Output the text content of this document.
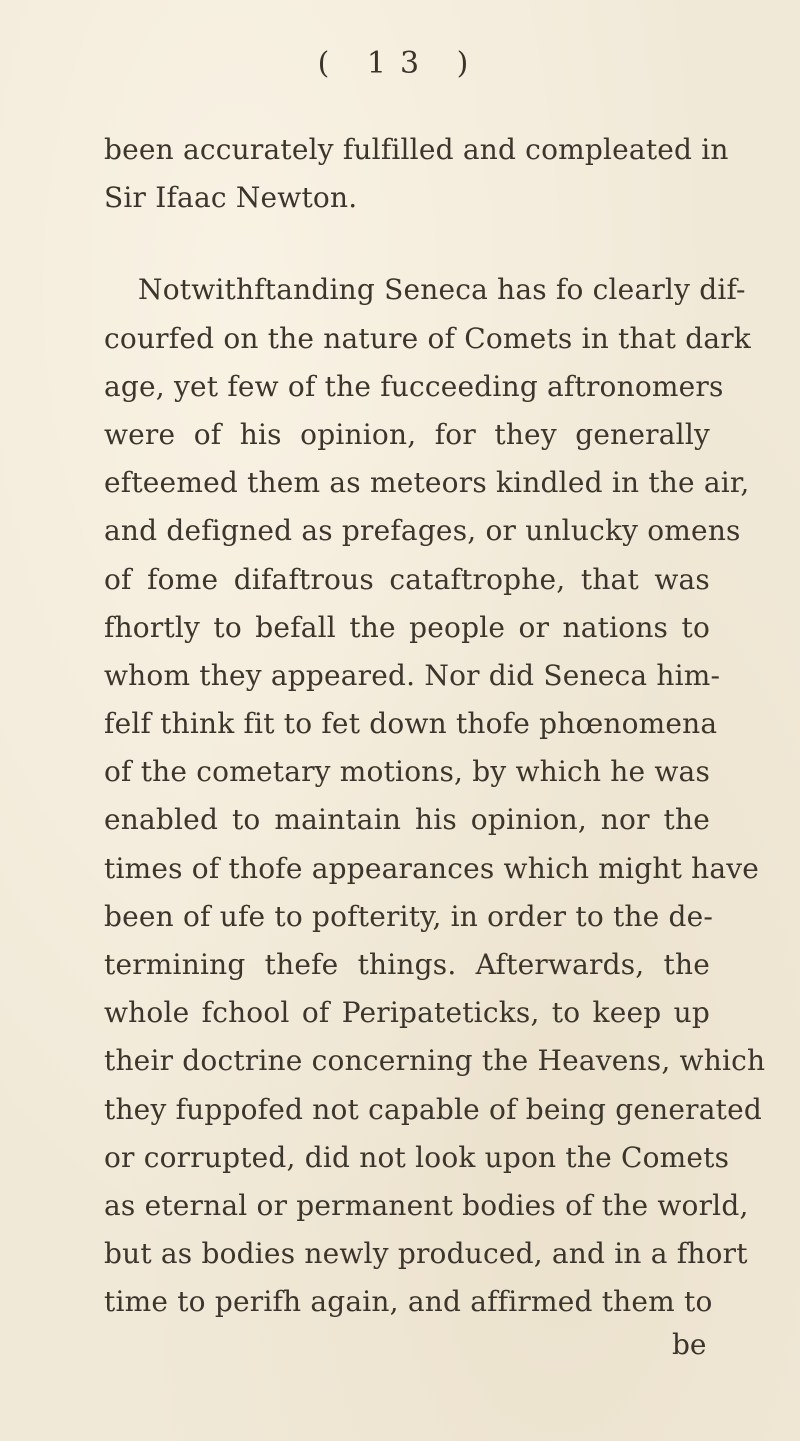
( 13 )
been accurately fulfilled and compleated in
Sir Ifaac Newton.
Notwithftanding Seneca has fo clearly dif-
courfed on the nature of Comets in that dark
age, yet few of the fucceeding aftronomers
were of his opinion, for they generally
efteemed them as meteors kindled in the air,
and defigned as prefages, or unlucky omens
of fome difaftrous cataftrophe, that was
fhortly to befall the people or nations to
whom they appeared. Nor did Seneca him-
felf think fit to fet down thofe phœnomena
of the cometary motions, by which he was
enabled to maintain his opinion, nor the
times of thofe appearances which might have
been of ufe to pofterity, in order to the de-
termining thefe things. Afterwards, the
whole fchool of Peripateticks, to keep up
their doctrine concerning the Heavens, which
they fuppofed not capable of being generated
or corrupted, did not look upon the Comets
as eternal or permanent bodies of the world,
but as bodies newly produced, and in a fhort
time to perifh again, and affirmed them to
be
